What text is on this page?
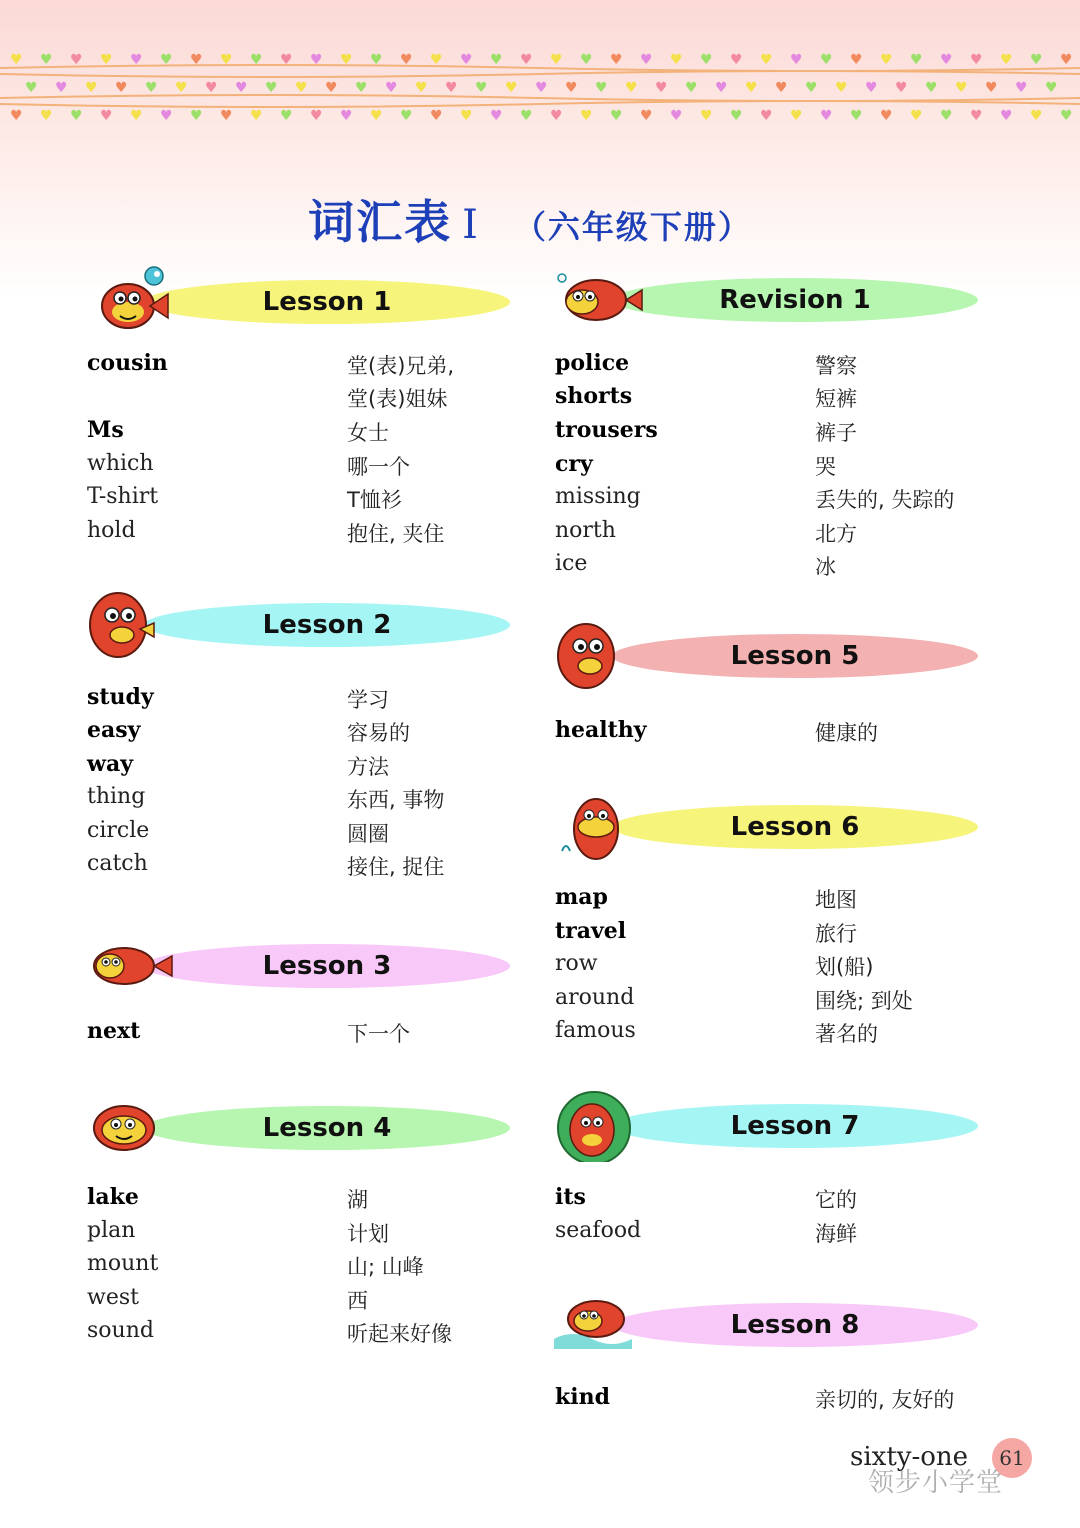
♥ ♥ ♥ ♥ ♥ ♥ ♥ ♥ ♥ ♥ ♥ ♥ ♥ ♥ ♥ ♥ ♥ ♥ ♥ ♥ ♥ ♥ ♥ ♥ ♥ ♥ ♥ ♥ ♥ ♥ ♥ ♥ ♥ ♥ ♥ ♥
♥ ♥ ♥ ♥ ♥ ♥ ♥ ♥ ♥ ♥ ♥ ♥ ♥ ♥ ♥ ♥ ♥ ♥ ♥ ♥ ♥ ♥ ♥ ♥ ♥ ♥ ♥ ♥ ♥ ♥ ♥ ♥ ♥ ♥ ♥
♥ ♥ ♥ ♥ ♥ ♥ ♥ ♥ ♥ ♥ ♥ ♥ ♥ ♥ ♥ ♥ ♥ ♥ ♥ ♥ ♥ ♥ ♥ ♥ ♥ ♥ ♥ ♥ ♥ ♥ ♥ ♥ ♥ ♥ ♥ ♥
词汇表 Ⅰ （六年级下册）
Lesson 1
cousin	堂(表)兄弟,
堂(表)姐妹
Ms	女士
which	哪一个
T-shirt	T恤衫
hold	抱住, 夹住
Lesson 2
study	学习
easy	容易的
way	方法
thing	东西, 事物
circle	圆圈
catch	接住, 捉住
Lesson 3
next	下一个
Lesson 4
lake	湖
plan	计划
mount	山; 山峰
west	西
sound	听起来好像
Revision 1
police	警察
shorts	短裤
trousers	裤子
cry	哭
missing	丢失的, 失踪的
north	北方
ice	冰
Lesson 5
healthy	健康的
Lesson 6
map	地图
travel	旅行
row	划(船)
around	围绕; 到处
famous	著名的
Lesson 7
its	它的
seafood	海鲜
Lesson 8
kind	亲切的, 友好的
sixty-one	61
领步小学堂
